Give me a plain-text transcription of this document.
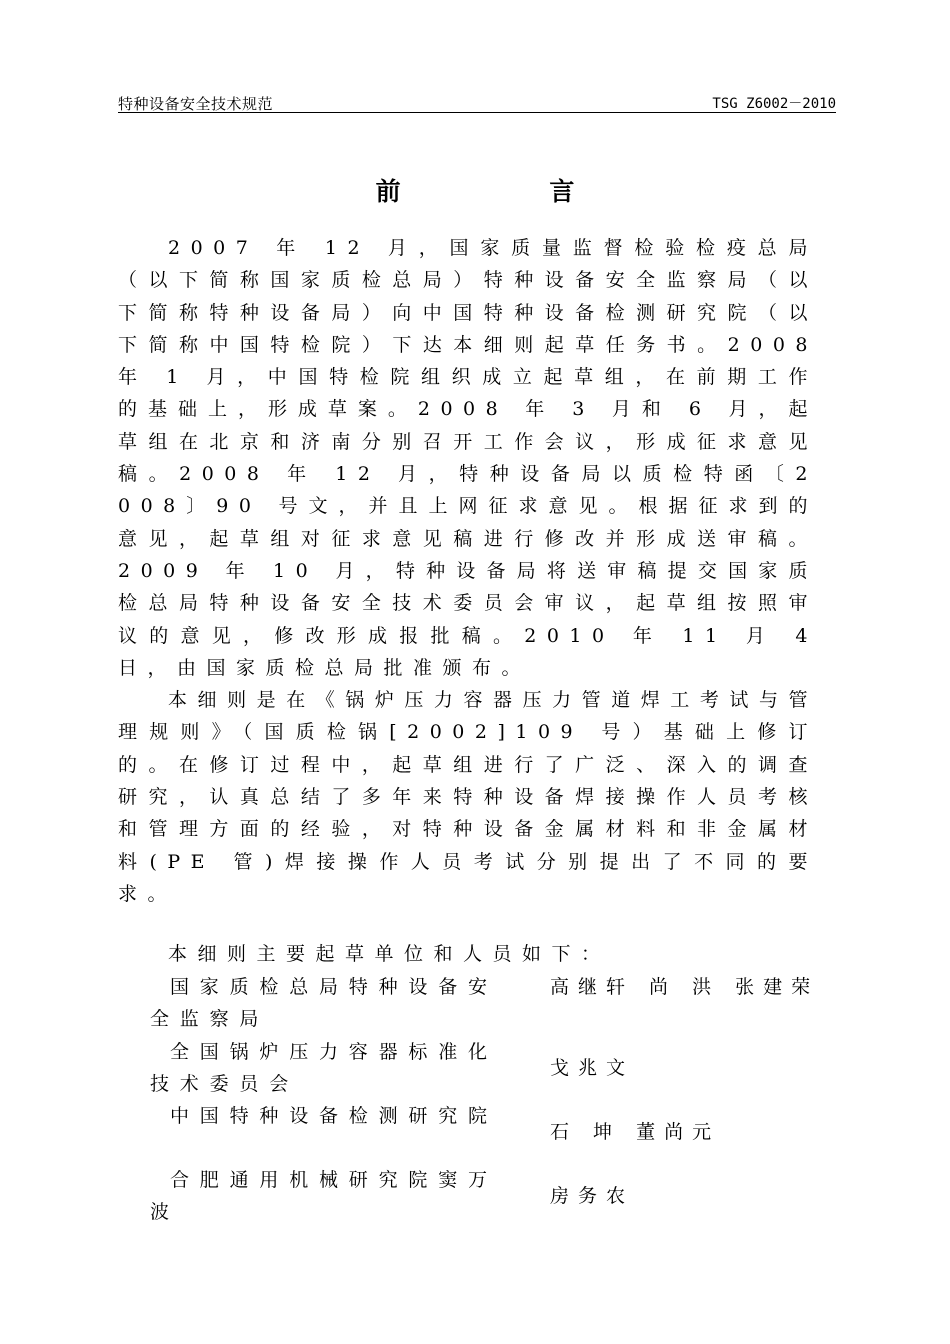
特种设备安全技术规范	TSG Z6002－2010
前 言

2007 年 12 月，国家质量监督检验检疫总局（以下简称国家质检总局）特种设备安全监察局（以下简称特种设备局）向中国特种设备检测研究院（以下简称中国特检院）下达本细则起草任务书。2008 年 1 月，中国特检院组织成立起草组，在前期工作的基础上，形成草案。2008 年 3 月和 6 月，起草组在北京和济南分别召开工作会议，形成征求意见稿。2008 年 12 月，特种设备局以质检特函〔2008〕90 号文，并且上网征求意见。根据征求到的意见，起草组对征求意见稿进行修改并形成送审稿。2009 年 10 月，特种设备局将送审稿提交国家质检总局特种设备安全技术委员会审议，起草组按照审议的意见，修改形成报批稿。2010 年 11 月 4 日，由国家质检总局批准颁布。

本细则是在《锅炉压力容器压力管道焊工考试与管理规则》（国质检锅[2002]109 号）基础上修订的。在修订过程中，起草组进行了广泛、深入的调查研究，认真总结了多年来特种设备焊接操作人员考核和管理方面的经验，对特种设备金属材料和非金属材料(PE 管)焊接操作人员考试分别提出了不同的要求。

本细则主要起草单位和人员如下：
国家质检总局特种设备安全监察局
高继轩 尚 洪 张建荣
全国锅炉压力容器标准化技术委员会
戈兆文
中国特种设备检测研究院
石 坤 董尚元
合肥通用机械研究院窦万波
房务农
